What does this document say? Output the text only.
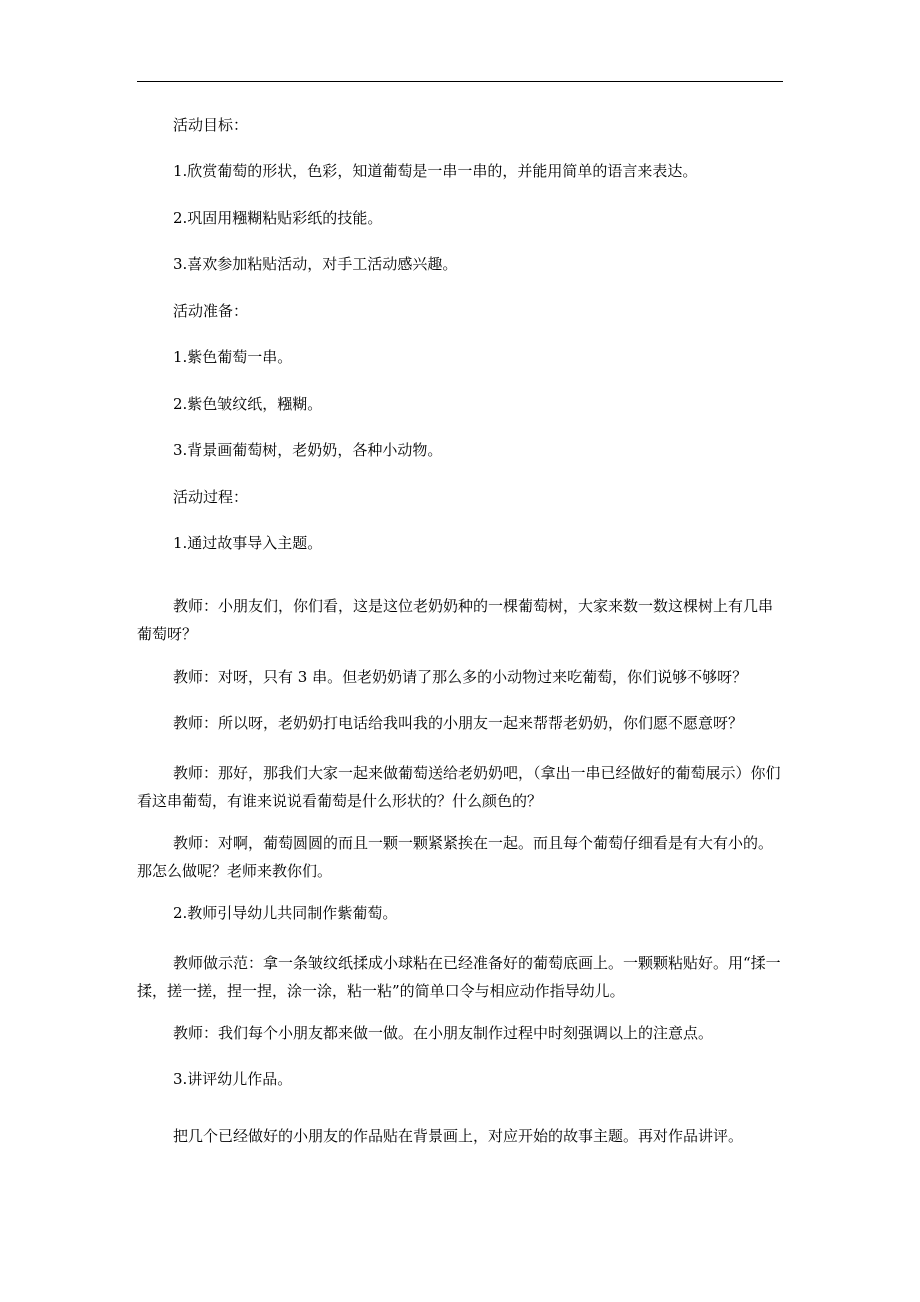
活动目标：

1.欣赏葡萄的形状，色彩，知道葡萄是一串一串的，并能用简单的语言来表达。

2.巩固用糨糊粘贴彩纸的技能。

3.喜欢参加粘贴活动，对手工活动感兴趣。

活动准备：

1.紫色葡萄一串。

2.紫色皱纹纸，糨糊。

3.背景画葡萄树，老奶奶，各种小动物。

活动过程：

1.通过故事导入主题。

教师：小朋友们，你们看，这是这位老奶奶种的一棵葡萄树，大家来数一数这棵树上有几串葡萄呀？

教师：对呀，只有 3 串。但老奶奶请了那么多的小动物过来吃葡萄，你们说够不够呀？

教师：所以呀，老奶奶打电话给我叫我的小朋友一起来帮帮老奶奶，你们愿不愿意呀？

教师：那好，那我们大家一起来做葡萄送给老奶奶吧，（拿出一串已经做好的葡萄展示）你们看这串葡萄，有谁来说说看葡萄是什么形状的？什么颜色的？

教师：对啊，葡萄圆圆的而且一颗一颗紧紧挨在一起。而且每个葡萄仔细看是有大有小的。那怎么做呢？老师来教你们。

2.教师引导幼儿共同制作紫葡萄。

教师做示范：拿一条皱纹纸揉成小球粘在已经准备好的葡萄底画上。一颗颗粘贴好。用“揉一揉，搓一搓，捏一捏，涂一涂，粘一粘”的简单口令与相应动作指导幼儿。

教师：我们每个小朋友都来做一做。在小朋友制作过程中时刻强调以上的注意点。

3.讲评幼儿作品。

把几个已经做好的小朋友的作品贴在背景画上，对应开始的故事主题。再对作品讲评。
